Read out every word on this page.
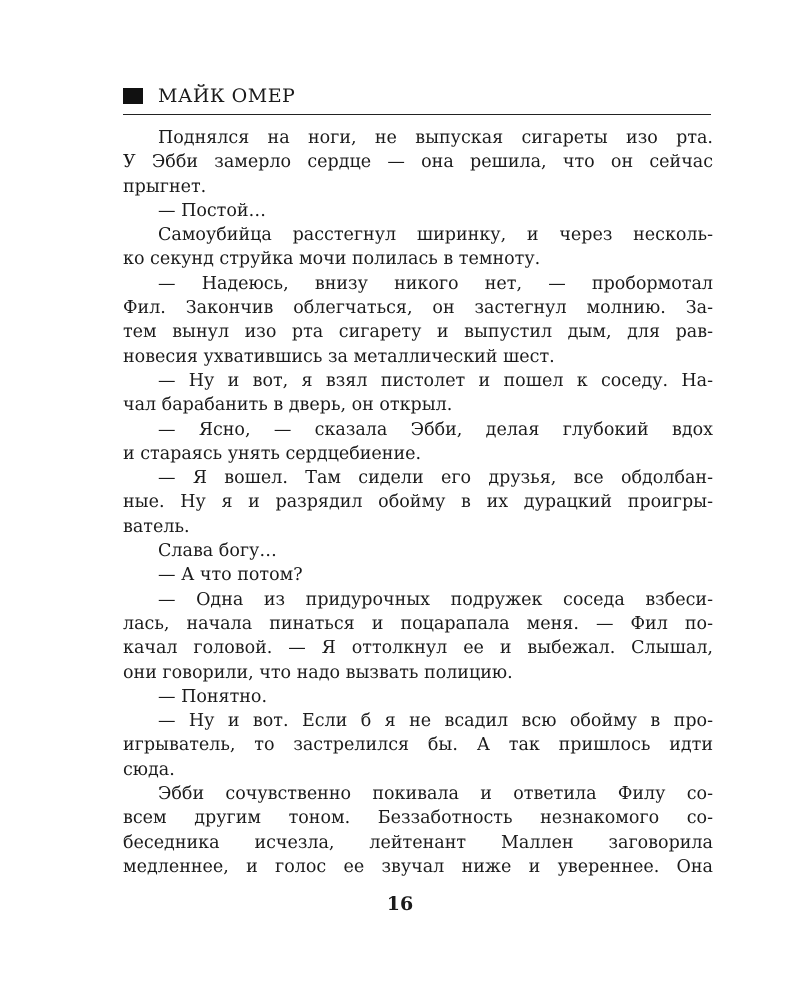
МАЙК ОМЕР
Поднялся на ноги, не выпуская сигареты изо рта.
У Эбби замерло сердце — она решила, что он сейчас
прыгнет.
— Постой…
Самоубийца расстегнул ширинку, и через несколь-
ко секунд струйка мочи полилась в темноту.
— Надеюсь, внизу никого нет, — пробормотал
Фил. Закончив облегчаться, он застегнул молнию. За-
тем вынул изо рта сигарету и выпустил дым, для рав-
новесия ухватившись за металлический шест.
— Ну и вот, я взял пистолет и пошел к соседу. На-
чал барабанить в дверь, он открыл.
— Ясно, — сказала Эбби, делая глубокий вдох
и стараясь унять сердцебиение.
— Я вошел. Там сидели его друзья, все обдолбан-
ные. Ну я и разрядил обойму в их дурацкий проигры-
ватель.
Слава богу…
— А что потом?
— Одна из придурочных подружек соседа взбеси-
лась, начала пинаться и поцарапала меня. — Фил по-
качал головой. — Я оттолкнул ее и выбежал. Слышал,
они говорили, что надо вызвать полицию.
— Понятно.
— Ну и вот. Если б я не всадил всю обойму в про-
игрыватель, то застрелился бы. А так пришлось идти
сюда.
Эбби сочувственно покивала и ответила Филу со-
всем другим тоном. Беззаботность незнакомого со-
беседника исчезла, лейтенант Маллен заговорила
медленнее, и голос ее звучал ниже и увереннее. Она
16
